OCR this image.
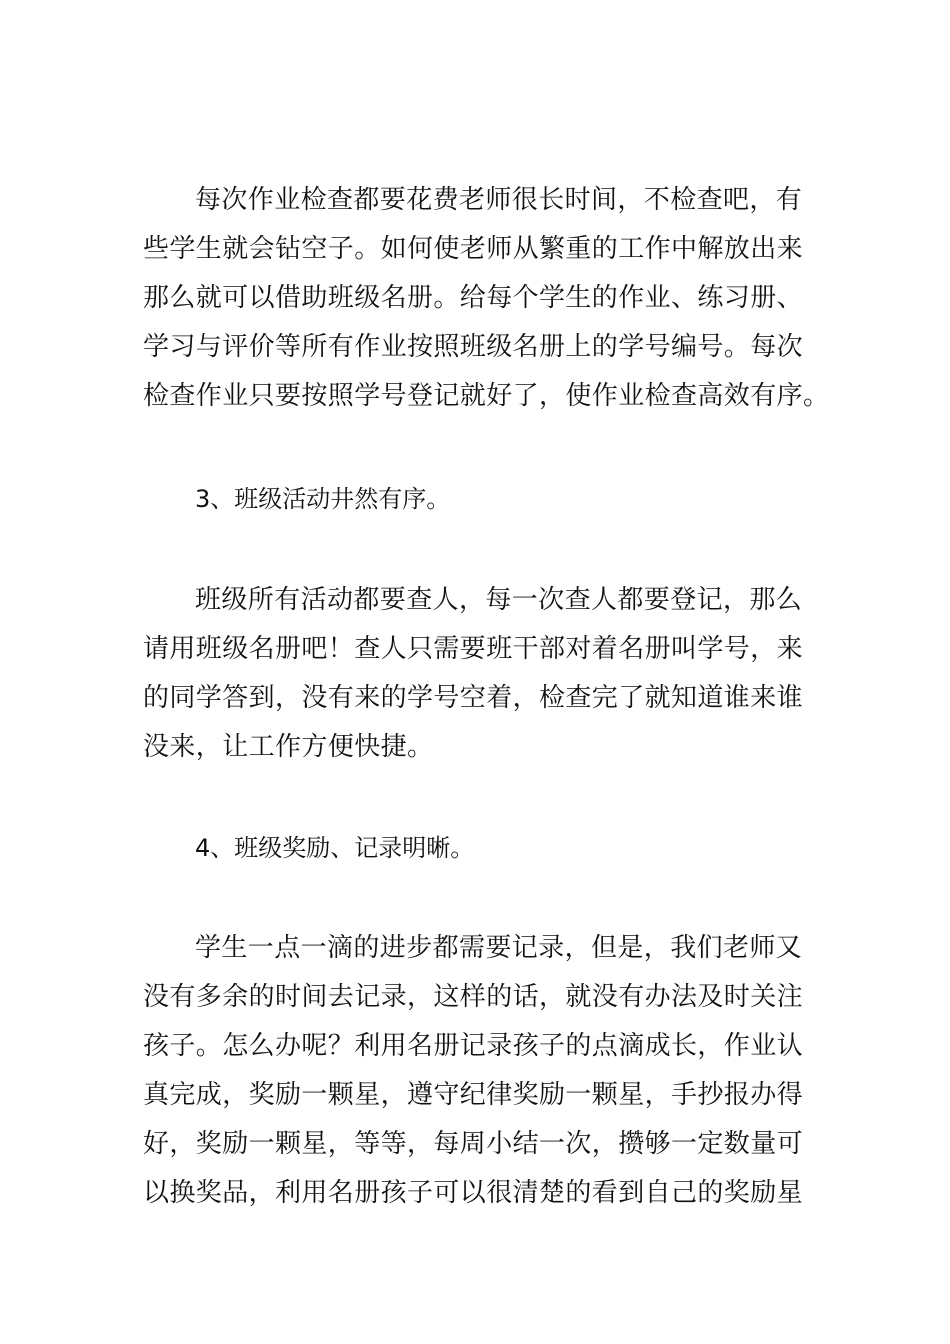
每次作业检查都要花费老师很长时间，不检查吧，有
些学生就会钻空子。如何使老师从繁重的工作中解放出来
那么就可以借助班级名册。给每个学生的作业、练习册、
学习与评价等所有作业按照班级名册上的学号编号。每次
检查作业只要按照学号登记就好了，使作业检查高效有序。

3、班级活动井然有序。

班级所有活动都要查人，每一次查人都要登记，那么
请用班级名册吧！查人只需要班干部对着名册叫学号，来
的同学答到，没有来的学号空着，检查完了就知道谁来谁
没来，让工作方便快捷。

4、班级奖励、记录明晰。

学生一点一滴的进步都需要记录，但是，我们老师又
没有多余的时间去记录，这样的话，就没有办法及时关注
孩子。怎么办呢？利用名册记录孩子的点滴成长，作业认
真完成，奖励一颗星，遵守纪律奖励一颗星，手抄报办得
好，奖励一颗星，等等，每周小结一次，攒够一定数量可
以换奖品，利用名册孩子可以很清楚的看到自己的奖励星
